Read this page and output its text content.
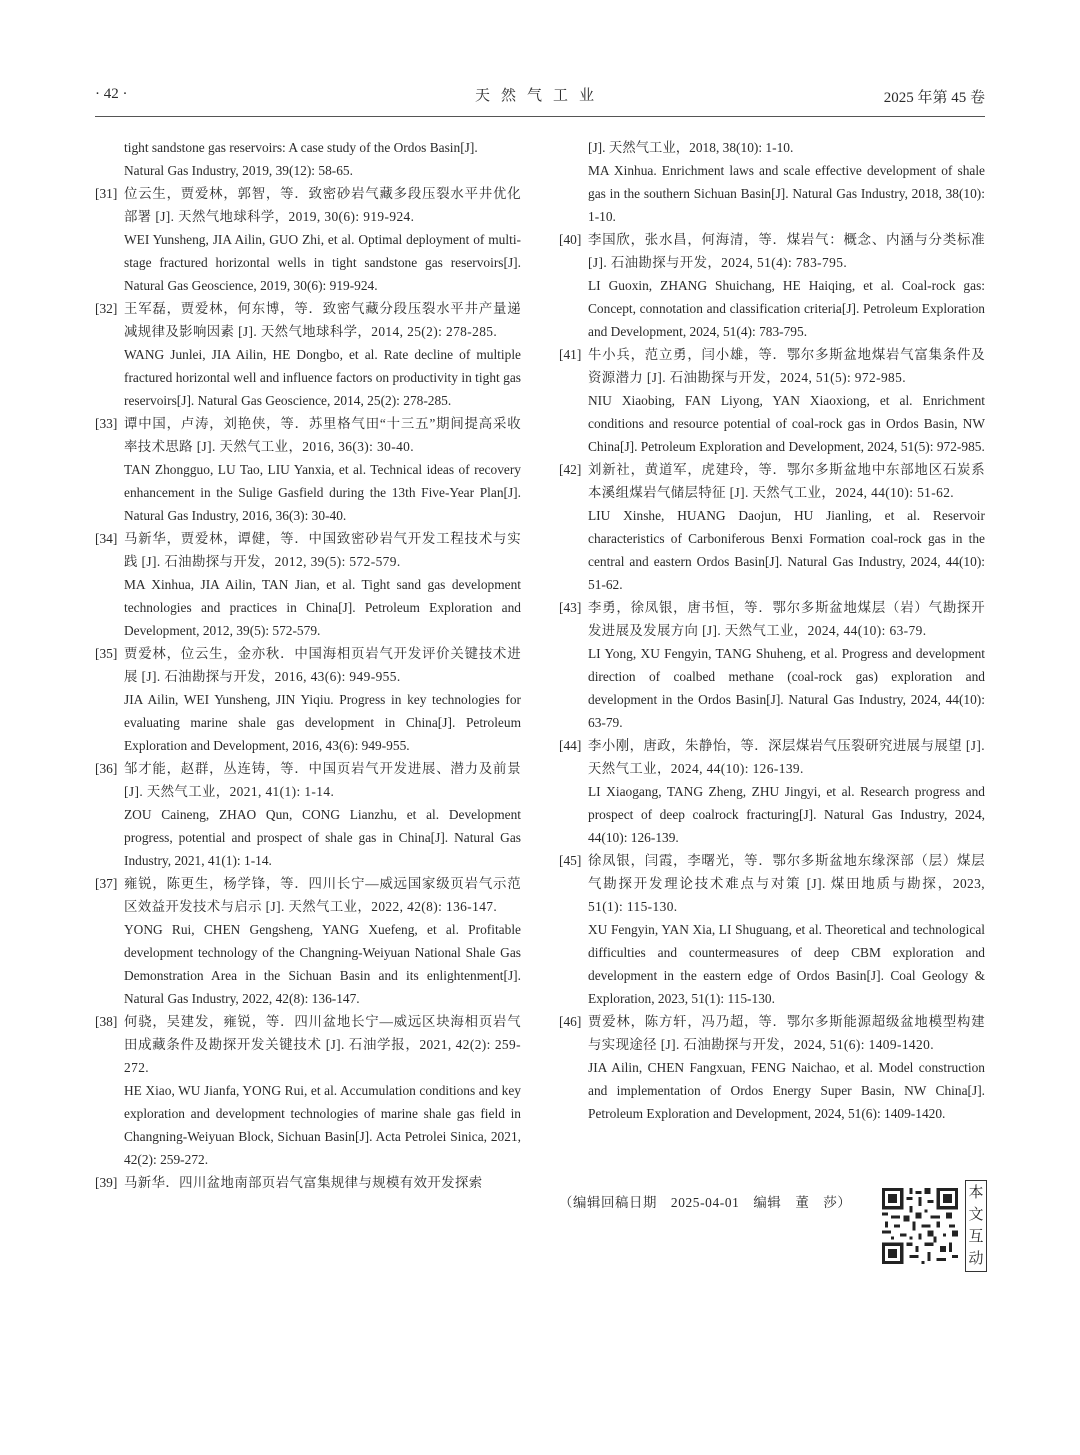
· 42 ·	天然气工业	2025 年第 45 卷
tight sandstone gas reservoirs: A case study of the Ordos Basin[J].
Natural Gas Industry, 2019, 39(12): 58-65.
[31] 位云生，贾爱林，郭智，等．致密砂岩气藏多段压裂水平井优化部署 [J]. 天然气地球科学，2019, 30(6): 919-924.
WEI Yunsheng, JIA Ailin, GUO Zhi, et al. Optimal deployment of multi-stage fractured horizontal wells in tight sandstone gas reservoirs[J]. Natural Gas Geoscience, 2019, 30(6): 919-924.
[32] 王军磊，贾爱林，何东博，等．致密气藏分段压裂水平井产量递减规律及影响因素 [J]. 天然气地球科学，2014, 25(2): 278-285.
WANG Junlei, JIA Ailin, HE Dongbo, et al. Rate decline of multiple fractured horizontal well and influence factors on productivity in tight gas reservoirs[J]. Natural Gas Geoscience, 2014, 25(2): 278-285.
[33] 谭中国，卢涛，刘艳侠，等．苏里格气田“十三五”期间提高采收率技术思路 [J]. 天然气工业，2016, 36(3): 30-40.
TAN Zhongguo, LU Tao, LIU Yanxia, et al. Technical ideas of recovery enhancement in the Sulige Gasfield during the 13th Five-Year Plan[J]. Natural Gas Industry, 2016, 36(3): 30-40.
[34] 马新华，贾爱林，谭健，等．中国致密砂岩气开发工程技术与实践 [J]. 石油勘探与开发，2012, 39(5): 572-579.
MA Xinhua, JIA Ailin, TAN Jian, et al. Tight sand gas development technologies and practices in China[J]. Petroleum Exploration and Development, 2012, 39(5): 572-579.
[35] 贾爱林，位云生，金亦秋．中国海相页岩气开发评价关键技术进展 [J]. 石油勘探与开发，2016, 43(6): 949-955.
JIA Ailin, WEI Yunsheng, JIN Yiqiu. Progress in key technologies for evaluating marine shale gas development in China[J]. Petroleum Exploration and Development, 2016, 43(6): 949-955.
[36] 邹才能，赵群，丛连铸，等．中国页岩气开发进展、潜力及前景 [J]. 天然气工业，2021, 41(1): 1-14.
ZOU Caineng, ZHAO Qun, CONG Lianzhu, et al. Development progress, potential and prospect of shale gas in China[J]. Natural Gas Industry, 2021, 41(1): 1-14.
[37] 雍锐，陈更生，杨学锋，等．四川长宁—威远国家级页岩气示范区效益开发技术与启示 [J]. 天然气工业，2022, 42(8): 136-147.
YONG Rui, CHEN Gengsheng, YANG Xuefeng, et al. Profitable development technology of the Changning-Weiyuan National Shale Gas Demonstration Area in the Sichuan Basin and its enlightenment[J]. Natural Gas Industry, 2022, 42(8): 136-147.
[38] 何骁，吴建发，雍锐，等．四川盆地长宁—威远区块海相页岩气田成藏条件及勘探开发关键技术 [J]. 石油学报，2021, 42(2): 259-272.
HE Xiao, WU Jianfa, YONG Rui, et al. Accumulation conditions and key exploration and development technologies of marine shale gas field in Changning-Weiyuan Block, Sichuan Basin[J]. Acta Petrolei Sinica, 2021, 42(2): 259-272.
[39] 马新华．四川盆地南部页岩气富集规律与规模有效开发探索
[J]. 天然气工业，2018, 38(10): 1-10.
MA Xinhua. Enrichment laws and scale effective development of shale gas in the southern Sichuan Basin[J]. Natural Gas Industry, 2018, 38(10): 1-10.
[40] 李国欣，张水昌，何海清，等．煤岩气：概念、内涵与分类标准 [J]. 石油勘探与开发，2024, 51(4): 783-795.
LI Guoxin, ZHANG Shuichang, HE Haiqing, et al. Coal-rock gas: Concept, connotation and classification criteria[J]. Petroleum Exploration and Development, 2024, 51(4): 783-795.
[41] 牛小兵，范立勇，闫小雄，等．鄂尔多斯盆地煤岩气富集条件及资源潜力 [J]. 石油勘探与开发，2024, 51(5): 972-985.
NIU Xiaobing, FAN Liyong, YAN Xiaoxiong, et al. Enrichment conditions and resource potential of coal-rock gas in Ordos Basin, NW China[J]. Petroleum Exploration and Development, 2024, 51(5): 972-985.
[42] 刘新社，黄道军，虎建玲，等．鄂尔多斯盆地中东部地区石炭系本溪组煤岩气储层特征 [J]. 天然气工业，2024, 44(10): 51-62.
LIU Xinshe, HUANG Daojun, HU Jianling, et al. Reservoir characteristics of Carboniferous Benxi Formation coal-rock gas in the central and eastern Ordos Basin[J]. Natural Gas Industry, 2024, 44(10): 51-62.
[43] 李勇，徐凤银，唐书恒，等．鄂尔多斯盆地煤层（岩）气勘探开发进展及发展方向 [J]. 天然气工业，2024, 44(10): 63-79.
LI Yong, XU Fengyin, TANG Shuheng, et al. Progress and development direction of coalbed methane (coal-rock gas) exploration and development in the Ordos Basin[J]. Natural Gas Industry, 2024, 44(10): 63-79.
[44] 李小刚，唐政，朱静怡，等．深层煤岩气压裂研究进展与展望 [J]. 天然气工业，2024, 44(10): 126-139.
LI Xiaogang, TANG Zheng, ZHU Jingyi, et al. Research progress and prospect of deep coalrock fracturing[J]. Natural Gas Industry, 2024, 44(10): 126-139.
[45] 徐凤银，闫霞，李曙光，等．鄂尔多斯盆地东缘深部（层）煤层气勘探开发理论技术难点与对策 [J]. 煤田地质与勘探，2023, 51(1): 115-130.
XU Fengyin, YAN Xia, LI Shuguang, et al. Theoretical and technological difficulties and countermeasures of deep CBM exploration and development in the eastern edge of Ordos Basin[J]. Coal Geology & Exploration, 2023, 51(1): 115-130.
[46] 贾爱林，陈方轩，冯乃超，等．鄂尔多斯能源超级盆地模型构建与实现途径 [J]. 石油勘探与开发，2024, 51(6): 1409-1420.
JIA Ailin, CHEN Fangxuan, FENG Naichao, et al. Model construction and implementation of Ordos Energy Super Basin, NW China[J]. Petroleum Exploration and Development, 2024, 51(6): 1409-1420.
（编辑回稿日期　2025-04-01　编辑　董　莎）
本
文
互
动
